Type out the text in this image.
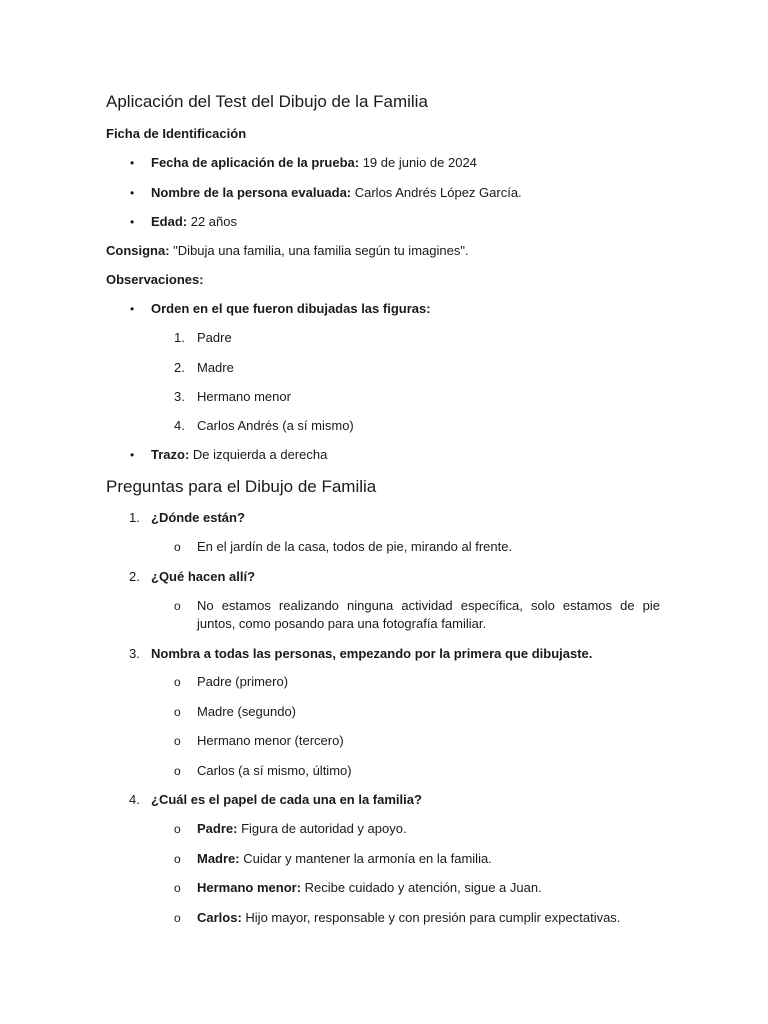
Aplicación del Test del Dibujo de la Familia
Ficha de Identificación
• Fecha de aplicación de la prueba: 19 de junio de 2024
• Nombre de la persona evaluada: Carlos Andrés López García.
• Edad: 22 años
Consigna: "Dibuja una familia, una familia según tu imagines".
Observaciones:
• Orden en el que fueron dibujadas las figuras:
1. Padre
2. Madre
3. Hermano menor
4. Carlos Andrés (a sí mismo)
• Trazo: De izquierda a derecha
Preguntas para el Dibujo de Familia
1. ¿Dónde están?
o En el jardín de la casa, todos de pie, mirando al frente.
2. ¿Qué hacen allí?
o No estamos realizando ninguna actividad específica, solo estamos de pie juntos, como posando para una fotografía familiar.
3. Nombra a todas las personas, empezando por la primera que dibujaste.
o Padre (primero)
o Madre (segundo)
o Hermano menor (tercero)
o Carlos (a sí mismo, último)
4. ¿Cuál es el papel de cada una en la familia?
o Padre: Figura de autoridad y apoyo.
o Madre: Cuidar y mantener la armonía en la familia.
o Hermano menor: Recibe cuidado y atención, sigue a Juan.
o Carlos: Hijo mayor, responsable y con presión para cumplir expectativas.
